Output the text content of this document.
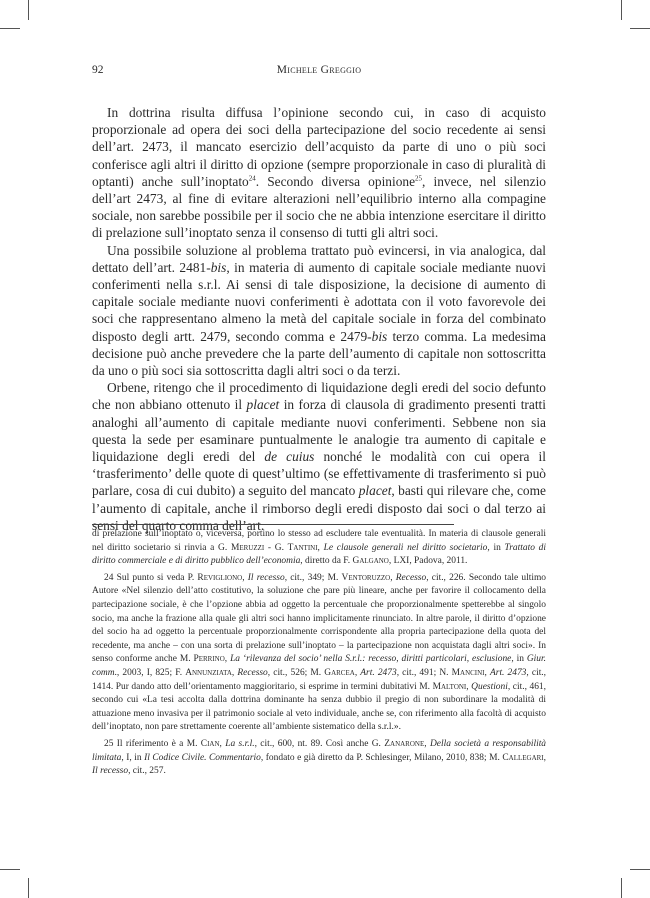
92	Michele Greggio

In dottrina risulta diffusa l’opinione secondo cui, in caso di acquisto proporzionale ad opera dei soci della partecipazione del socio recedente ai sensi dell’art. 2473, il mancato esercizio dell’acquisto da parte di uno o più soci conferisce agli altri il diritto di opzione (sempre proporzionale in caso di pluralità di optanti) anche sull’inoptato$^{24}$. Secondo diversa opinione$^{25}$, invece, nel silenzio dell’art 2473, al fine di evitare alterazioni nell’equilibrio interno alla compagine sociale, non sarebbe possibile per il socio che ne abbia intenzione esercitare il diritto di prelazione sull’inoptato senza il consenso di tutti gli altri soci.

Una possibile soluzione al problema trattato può evincersi, in via analogica, dal dettato dell’art. 2481-bis, in materia di aumento di capitale sociale mediante nuovi conferimenti nella s.r.l. Ai sensi di tale disposizione, la decisione di aumento di capitale sociale mediante nuovi conferimenti è adottata con il voto favorevole dei soci che rappresentano almeno la metà del capitale sociale in forza del combinato disposto degli artt. 2479, secondo comma e 2479-bis terzo comma. La medesima decisione può anche prevedere che la parte dell’aumento di capitale non sottoscritta da uno o più soci sia sottoscritta dagli altri soci o da terzi.

Orbene, ritengo che il procedimento di liquidazione degli eredi del socio defunto che non abbiano ottenuto il placet in forza di clausola di gradimento presenti tratti analoghi all’aumento di capitale mediante nuovi conferimenti. Sebbene non sia questa la sede per esaminare puntualmente le analogie tra aumento di capitale e liquidazione degli eredi del de cuius nonché le modalità con cui opera il ‘trasferimento’ delle quote di quest’ultimo (se effettivamente di trasferimento si può parlare, cosa di cui dubito) a seguito del mancato placet, basti qui rilevare che, come l’aumento di capitale, anche il rimborso degli eredi disposto dai soci o dal terzo ai sensi del quarto comma dell’art.

di prelazione sull’inoptato o, viceversa, portino lo stesso ad escludere tale eventualità. In materia di clausole generali nel diritto societario si rinvia a G. Meruzzi - G. Tantini, Le clausole generali nel diritto societario, in Trattato di diritto commerciale e di diritto pubblico dell’economia, diretto da F. Galgano, LXI, Padova, 2011.

24 Sul punto si veda P. Revigliono, Il recesso, cit., 349; M. Ventoruzzo, Recesso, cit., 226. Secondo tale ultimo Autore «Nel silenzio dell’atto costitutivo, la soluzione che pare più lineare, anche per favorire il collocamento della partecipazione sociale, è che l’opzione abbia ad oggetto la percentuale che proporzionalmente spetterebbe al singolo socio, ma anche la frazione alla quale gli altri soci hanno implicitamente rinunciato. In altre parole, il diritto d’opzione del socio ha ad oggetto la percentuale proporzionalmente corrispondente alla propria partecipazione della quota del recedente, ma anche – con una sorta di prelazione sull’inoptato – la partecipazione non acquistata dagli altri soci». In senso conforme anche M. Perrino, La ‘rilevanza del socio’ nella S.r.l.: recesso, diritti particolari, esclusione, in Giur. comm., 2003, I, 825; F. Annunziata, Recesso, cit., 526; M. Garcea, Art. 2473, cit., 491; N. Mancini, Art. 2473, cit., 1414. Pur dando atto dell’orientamento maggioritario, si esprime in termini dubitativi M. Maltoni, Questioni, cit., 461, secondo cui «La tesi accolta dalla dottrina dominante ha senza dubbio il pregio di non subordinare la modalità di attuazione meno invasiva per il patrimonio sociale al veto individuale, anche se, con riferimento alla facoltà di acquisto dell’inoptato, non pare strettamente coerente all’ambiente sistematico della s.r.l.».

25 Il riferimento è a M. Cian, La s.r.l., cit., 600, nt. 89. Così anche G. Zanarone, Della società a responsabilità limitata, I, in Il Codice Civile. Commentario, fondato e già diretto da P. Schlesinger, Milano, 2010, 838; M. Callegari, Il recesso, cit., 257.
